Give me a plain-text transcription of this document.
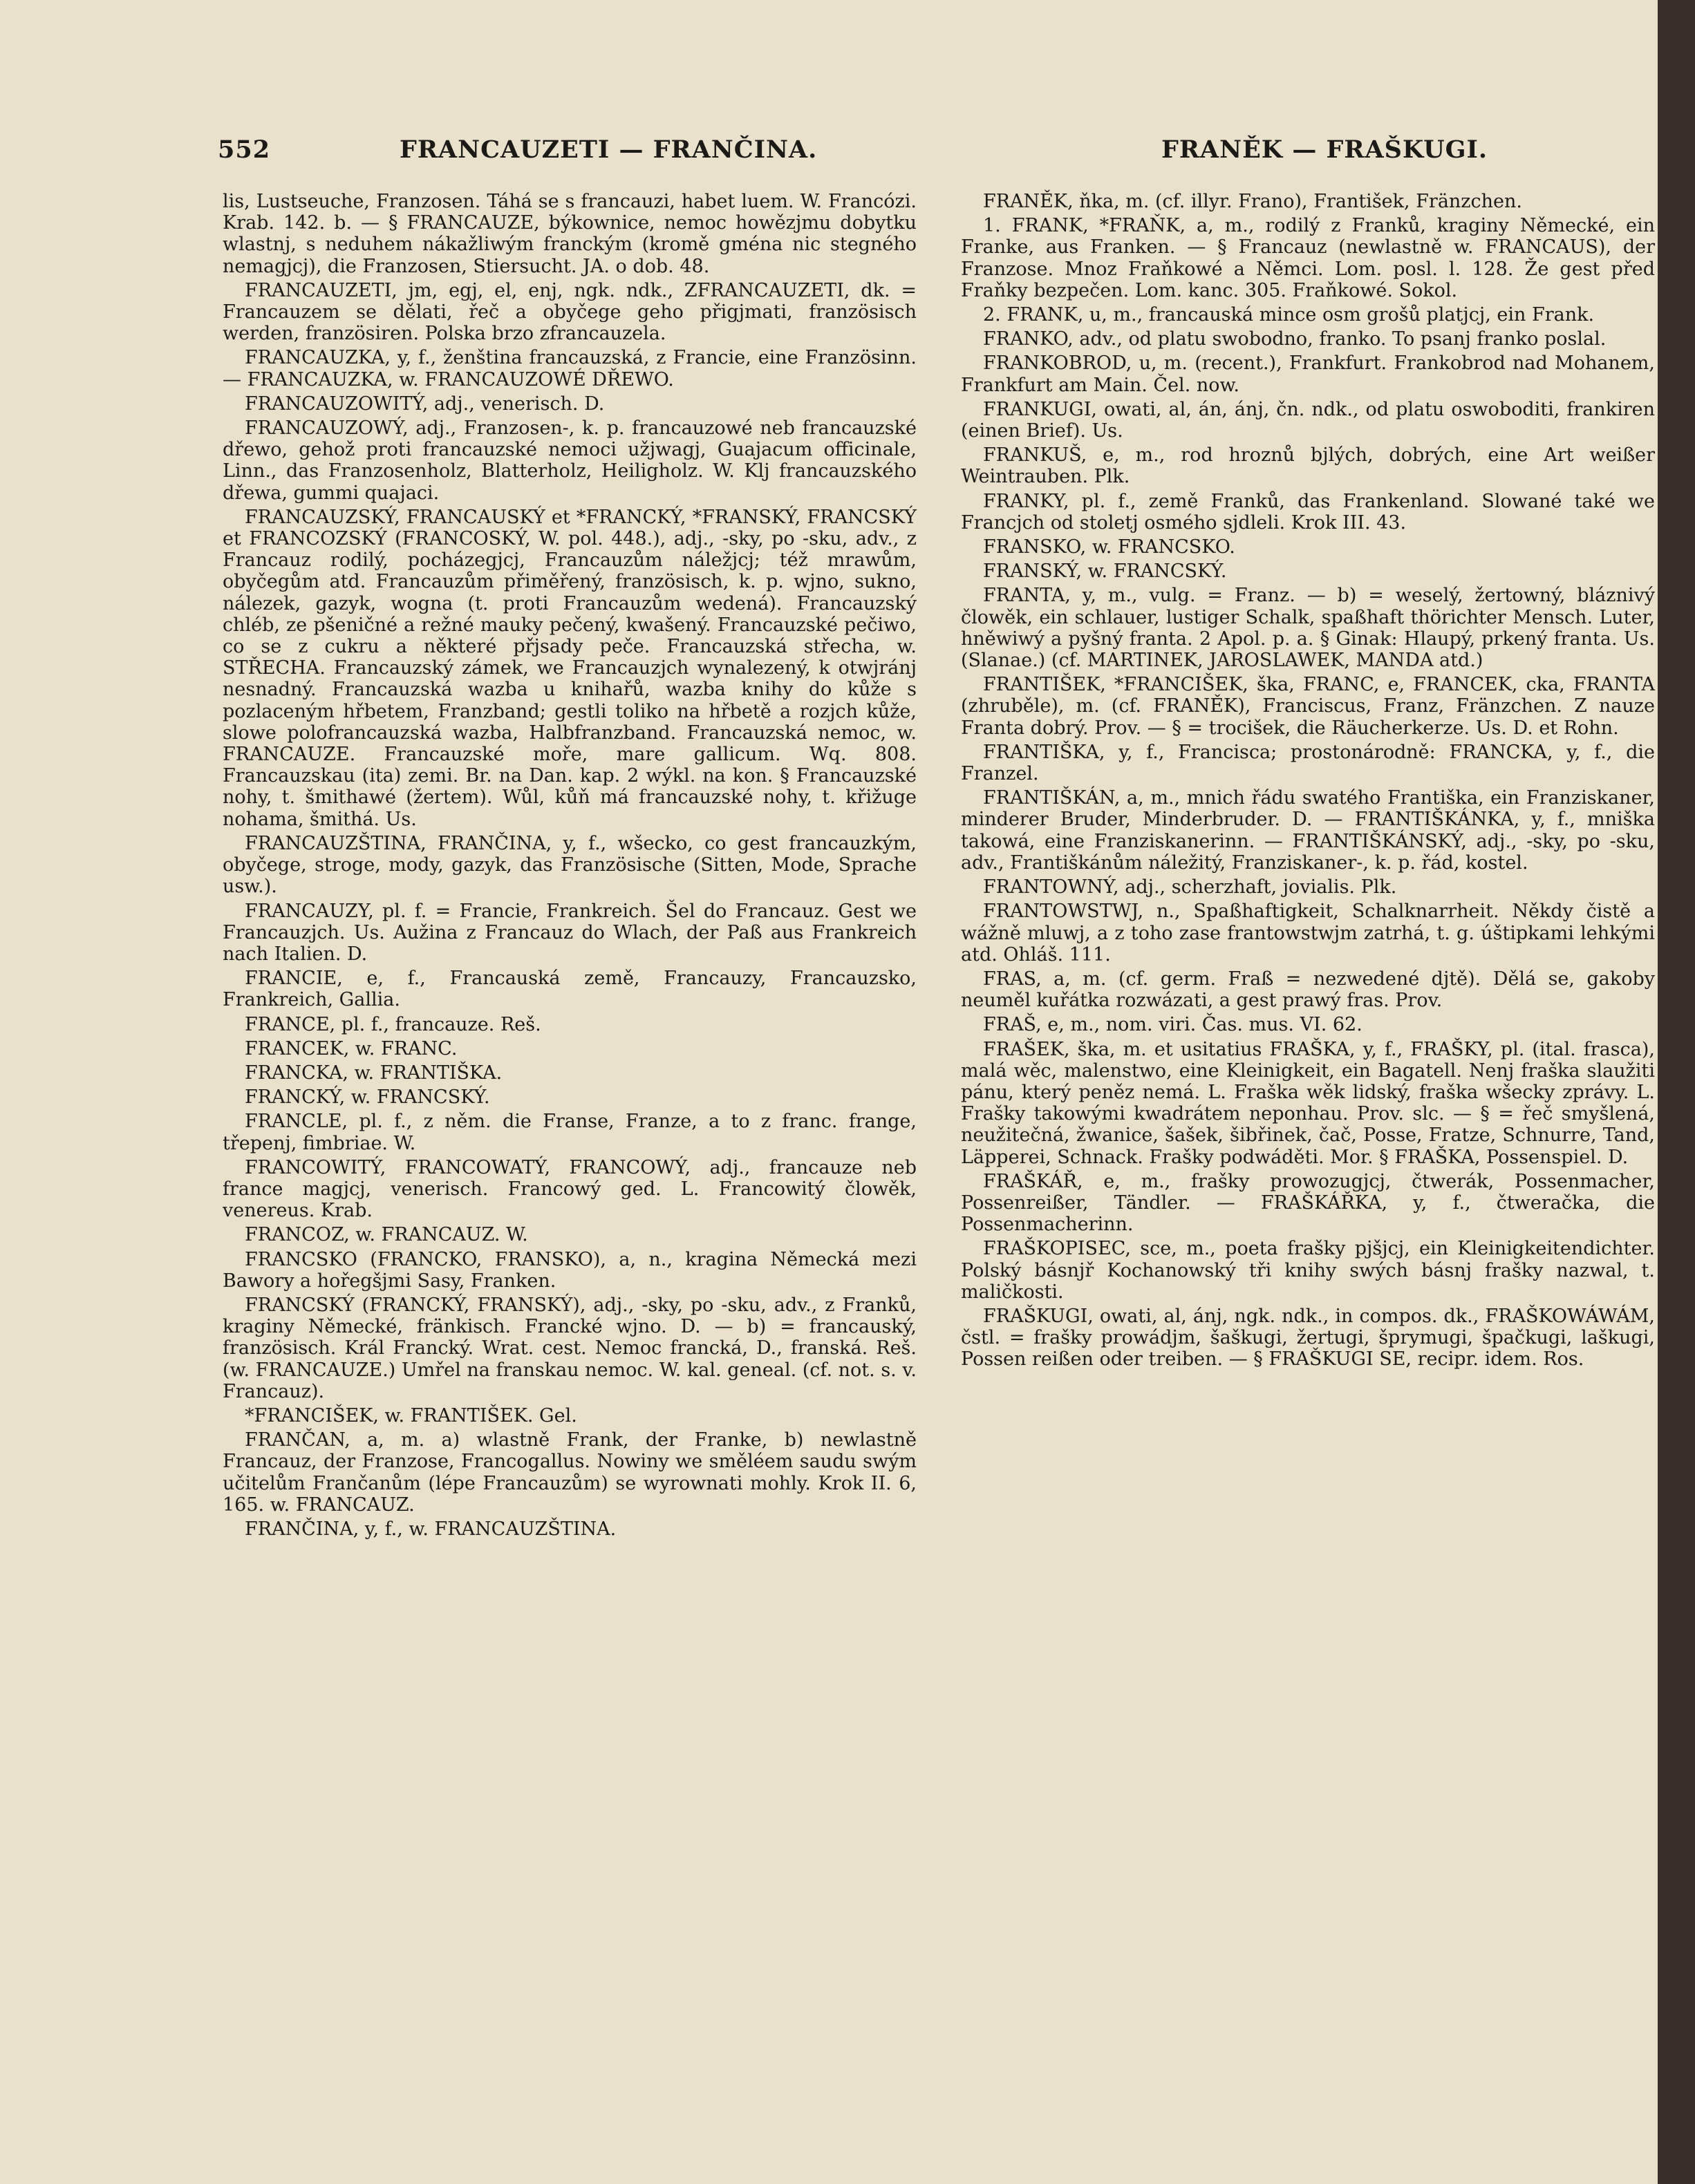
552	FRANCAUZETI — FRANČINA.	FRANĚK — FRAŠKUGI.

lis, Lustseuche, Franzosen. Táhá se s francauzi, habet luem. W. Francózi. Krab. 142. b. — § FRANCAUZE, býkownice, nemoc howězjmu dobytku wlastnj, s neduhem nákažliwým franckým (kromě gména nic stegného nemagjcj), die Franzosen, Stiersucht. JA. o dob. 48.

FRANCAUZETI, jm, egj, el, enj, ngk. ndk., ZFRANCAUZETI, dk. = Francauzem se dělati, řeč a obyčege geho přigjmati, französisch werden, französiren. Polska brzo zfrancauzela.

FRANCAUZKA, y, f., ženština francauzská, z Francie, eine Französinn. — FRANCAUZKA, w. FRANCAUZOWÉ DŘEWO.

FRANCAUZOWITÝ, adj., venerisch. D.

FRANCAUZOWÝ, adj., Franzosen-, k. p. francauzowé neb francauzské dřewo, gehož proti francauzské nemoci užjwagj, Guajacum officinale, Linn., das Franzosenholz, Blatterholz, Heiligholz. W. Klj francauzského dřewa, gummi quajaci.

FRANCAUZSKÝ, FRANCAUSKÝ et *FRANCKÝ, *FRANSKÝ, FRANCSKÝ et FRANCOZSKÝ (FRANCOSKÝ, W. pol. 448.), adj., -sky, po -sku, adv., z Francauz rodilý, pocházegjcj, Francauzům náležjcj; též mrawům, obyčegům atd. Francauzům přiměřený, französisch, k. p. wjno, sukno, nálezek, gazyk, wogna (t. proti Francauzům wedená). Francauzský chléb, ze pšeničné a režné mauky pečený, kwašený. Francauzské pečiwo, co se z cukru a některé přjsady peče. Francauzská střecha, w. STŘECHA. Francauzský zámek, we Francauzjch wynalezený, k otwjránj nesnadný. Francauzská wazba u knihařů, wazba knihy do kůže s pozlaceným hřbetem, Franzband; gestli toliko na hřbetě a rozjch kůže, slowe polofrancauzská wazba, Halbfranzband. Francauzská nemoc, w. FRANCAUZE. Francauzské moře, mare gallicum. Wq. 808. Francauzskau (ita) zemi. Br. na Dan. kap. 2 wýkl. na kon. § Francauzské nohy, t. šmithawé (žertem). Wůl, kůň má francauzské nohy, t. křižuge nohama, šmithá. Us.

FRANCAUZŠTINA, FRANČINA, y, f., wšecko, co gest francauzkým, obyčege, stroge, mody, gazyk, das Französische (Sitten, Mode, Sprache usw.).

FRANCAUZY, pl. f. = Francie, Frankreich. Šel do Francauz. Gest we Francauzjch. Us. Aužina z Francauz do Wlach, der Paß aus Frankreich nach Italien. D.

FRANCIE, e, f., Francauská země, Francauzy, Francauzsko, Frankreich, Gallia.

FRANCE, pl. f., francauze. Reš.

FRANCEK, w. FRANC.

FRANCKA, w. FRANTIŠKA.

FRANCKÝ, w. FRANCSKÝ.

FRANCLE, pl. f., z něm. die Franse, Franze, a to z franc. frange, třepenj, fimbriae. W.

FRANCOWITÝ, FRANCOWATÝ, FRANCOWÝ, adj., francauze neb france magjcj, venerisch. Francowý ged. L. Francowitý člowěk, venereus. Krab.

FRANCOZ, w. FRANCAUZ. W.

FRANCSKO (FRANCKO, FRANSKO), a, n., kragina Německá mezi Bawory a hořegšjmi Sasy, Franken.

FRANCSKÝ (FRANCKÝ, FRANSKÝ), adj., -sky, po -sku, adv., z Franků, kraginy Německé, fränkisch. Francké wjno. D. — b) = francauský, französisch. Král Francký. Wrat. cest. Nemoc francká, D., franská. Reš. (w. FRANCAUZE.) Umřel na franskau nemoc. W. kal. geneal. (cf. not. s. v. Francauz).

*FRANCIŠEK, w. FRANTIŠEK. Gel.

FRANČAN, a, m. a) wlastně Frank, der Franke, b) newlastně Francauz, der Franzose, Francogallus. Nowiny we směléem saudu swým učitelům Frančanům (lépe Francauzům) se wyrownati mohly. Krok II. 6, 165. w. FRANCAUZ.

FRANČINA, y, f., w. FRANCAUZŠTINA.

FRANĚK, ňka, m. (cf. illyr. Frano), František, Fränzchen.

1. FRANK, *FRAŇK, a, m., rodilý z Franků, kraginy Německé, ein Franke, aus Franken. — § Francauz (newlastně w. FRANCAUS), der Franzose. Mnoz Fraňkowé a Němci. Lom. posl. l. 128. Že gest před Fraňky bezpečen. Lom. kanc. 305. Fraňkowé. Sokol.

2. FRANK, u, m., francauská mince osm grošů platjcj, ein Frank.

FRANKO, adv., od platu swobodno, franko. To psanj franko poslal.

FRANKOBROD, u, m. (recent.), Frankfurt. Frankobrod nad Mohanem, Frankfurt am Main. Čel. now.

FRANKUGI, owati, al, án, ánj, čn. ndk., od platu oswoboditi, frankiren (einen Brief). Us.

FRANKUŠ, e, m., rod hroznů bjlých, dobrých, eine Art weißer Weintrauben. Plk.

FRANKY, pl. f., země Franků, das Frankenland. Slowané také we Francjch od stoletj osmého sjdleli. Krok III. 43.

FRANSKO, w. FRANCSKO.

FRANSKÝ, w. FRANCSKÝ.

FRANTA, y, m., vulg. = Franz. — b) = weselý, žertowný, bláznivý člowěk, ein schlauer, lustiger Schalk, spaßhaft thörichter Mensch. Luter, hněwiwý a pyšný franta. 2 Apol. p. a. § Ginak: Hlaupý, prkený franta. Us. (Slanae.) (cf. MARTINEK, JAROSLAWEK, MANDA atd.)

FRANTIŠEK, *FRANCIŠEK, ška, FRANC, e, FRANCEK, cka, FRANTA (zhruběle), m. (cf. FRANĚK), Franciscus, Franz, Fränzchen. Z nauze Franta dobrý. Prov. — § = trocišek, die Räucherkerze. Us. D. et Rohn.

FRANTIŠKA, y, f., Francisca; prostonárodně: FRANCKA, y, f., die Franzel.

FRANTIŠKÁN, a, m., mnich řádu swatého Františka, ein Franziskaner, minderer Bruder, Minderbruder. D. — FRANTIŠKÁNKA, y, f., mniška takowá, eine Franziskanerinn. — FRANTIŠKÁNSKÝ, adj., -sky, po -sku, adv., Františkánům náležitý, Franziskaner-, k. p. řád, kostel.

FRANTOWNÝ, adj., scherzhaft, jovialis. Plk.

FRANTOWSTWJ, n., Spaßhaftigkeit, Schalknarrheit. Někdy čistě a wážně mluwj, a z toho zase frantowstwjm zatrhá, t. g. úštipkami lehkými atd. Ohláš. 111.

FRAS, a, m. (cf. germ. Fraß = nezwedené djtě). Dělá se, gakoby neuměl kuřátka rozwázati, a gest prawý fras. Prov.

FRAŠ, e, m., nom. viri. Čas. mus. VI. 62.

FRAŠEK, ška, m. et usitatius FRAŠKA, y, f., FRAŠKY, pl. (ital. frasca), malá wěc, malenstwo, eine Kleinigkeit, ein Bagatell. Nenj fraška slaužiti pánu, který peněz nemá. L. Fraška wěk lidský, fraška wšecky zprávy. L. Frašky takowými kwadrátem neponhau. Prov. slc. — § = řeč smyšlená, neužitečná, žwanice, šašek, šibřinek, čač, Posse, Fratze, Schnurre, Tand, Läpperei, Schnack. Frašky podwáděti. Mor. § FRAŠKA, Possenspiel. D.

FRAŠKÁŘ, e, m., frašky prowozugjcj, čtwerák, Possenmacher, Possenreißer, Tändler. — FRAŠKÁŘKA, y, f., čtweračka, die Possenmacherinn.

FRAŠKOPISEC, sce, m., poeta frašky pjšjcj, ein Kleinigkeitendichter. Polský básnjř Kochanowský tři knihy swých básnj frašky nazwal, t. maličkosti.

FRAŠKUGI, owati, al, ánj, ngk. ndk., in compos. dk., FRAŠKOWÁWÁM, čstl. = frašky prowádjm, šaškugi, žertugi, šprymugi, špačkugi, laškugi, Possen reißen oder treiben. — § FRAŠKUGI SE, recipr. idem. Ros.
